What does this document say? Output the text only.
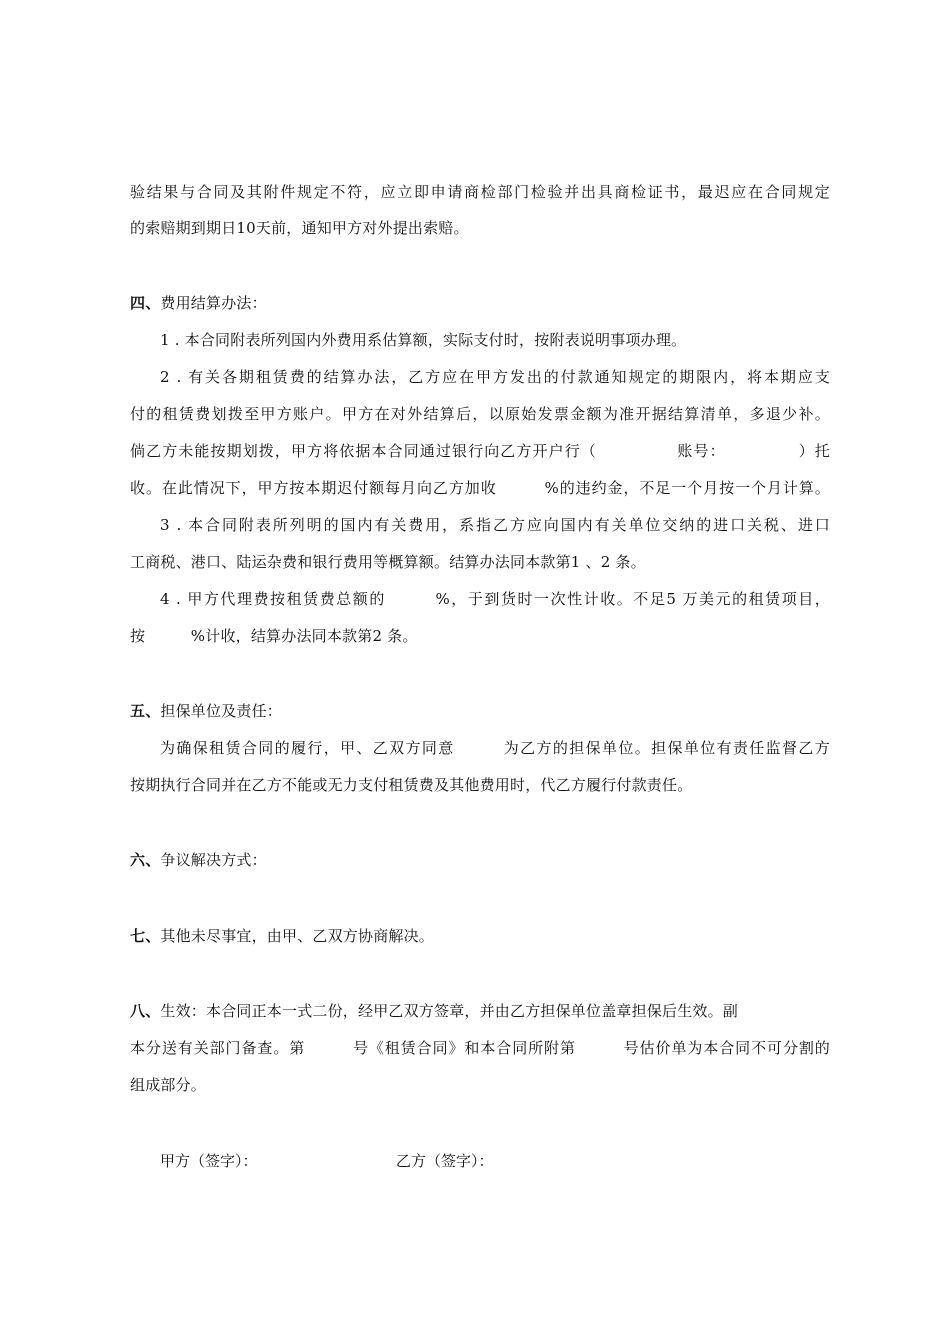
验结果与合同及其附件规定不符，应立即申请商检部门检验并出具商检证书，最迟应在合同规定
的索赔期到期日10天前，通知甲方对外提出索赔。
四、费用结算办法：
1 . 本合同附表所列国内外费用系估算额，实际支付时，按附表说明事项办理。
2 . 有关各期租赁费的结算办法，乙方应在甲方发出的付款通知规定的期限内，将本期应支
付的租赁费划拨至甲方账户。甲方在对外结算后，以原始发票金额为准开据结算清单，多退少补。
倘乙方未能按期划拨，甲方将依据本合同通过银行向乙方开户行（　　　　　账号：　　　　　）托
收。在此情况下，甲方按本期迟付额每月向乙方加收　　　%的违约金，不足一个月按一个月计算。
3 . 本合同附表所列明的国内有关费用，系指乙方应向国内有关单位交纳的进口关税、进口
工商税、港口、陆运杂费和银行费用等概算额。结算办法同本款第1 、2 条。
4 . 甲方代理费按租赁费总额的　　　%，于到货时一次性计收。不足5 万美元的租赁项目，
按　　　%计收，结算办法同本款第2 条。
五、担保单位及责任：
为确保租赁合同的履行，甲、乙双方同意　　　为乙方的担保单位。担保单位有责任监督乙方
按期执行合同并在乙方不能或无力支付租赁费及其他费用时，代乙方履行付款责任。
六、争议解决方式：
七、其他未尽事宜，由甲、乙双方协商解决。
八、生效：本合同正本一式二份，经甲乙双方签章，并由乙方担保单位盖章担保后生效。副
本分送有关部门备查。第　　　号《租赁合同》和本合同所附第　　　号估价单为本合同不可分割的
组成部分。
甲方（签字）：	乙方（签字）：
